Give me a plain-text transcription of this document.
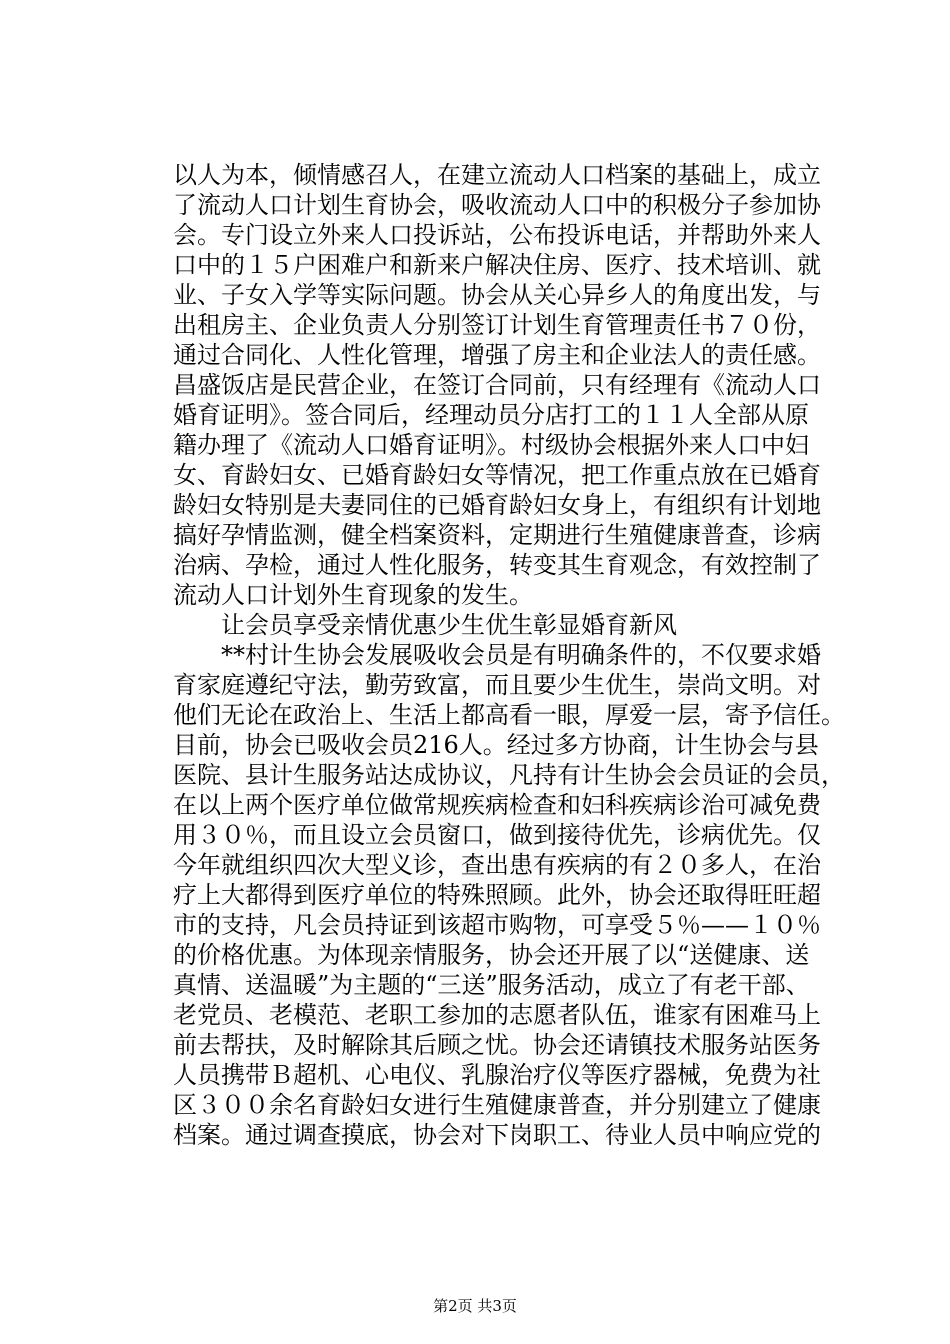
以人为本，倾情感召人，在建立流动人口档案的基础上，成立
了流动人口计划生育协会，吸收流动人口中的积极分子参加协
会。专门设立外来人口投诉站，公布投诉电话，并帮助外来人
口中的１５户困难户和新来户解决住房、医疗、技术培训、就
业、子女入学等实际问题。协会从关心异乡人的角度出发，与
出租房主、企业负责人分别签订计划生育管理责任书７０份，
通过合同化、人性化管理，增强了房主和企业法人的责任感。
昌盛饭店是民营企业，在签订合同前，只有经理有《流动人口
婚育证明》。签合同后，经理动员分店打工的１１人全部从原
籍办理了《流动人口婚育证明》。村级协会根据外来人口中妇
女、育龄妇女、已婚育龄妇女等情况，把工作重点放在已婚育
龄妇女特别是夫妻同住的已婚育龄妇女身上，有组织有计划地
搞好孕情监测，健全档案资料，定期进行生殖健康普查，诊病
治病、孕检，通过人性化服务，转变其生育观念，有效控制了
流动人口计划外生育现象的发生。
让会员享受亲情优惠少生优生彰显婚育新风
**村计生协会发展吸收会员是有明确条件的，不仅要求婚
育家庭遵纪守法，勤劳致富，而且要少生优生，崇尚文明。对
他们无论在政治上、生活上都高看一眼，厚爱一层，寄予信任。
目前，协会已吸收会员216人。经过多方协商，计生协会与县
医院、县计生服务站达成协议，凡持有计生协会会员证的会员，
在以上两个医疗单位做常规疾病检查和妇科疾病诊治可减免费
用３０％，而且设立会员窗口，做到接待优先，诊病优先。仅
今年就组织四次大型义诊，查出患有疾病的有２０多人，在治
疗上大都得到医疗单位的特殊照顾。此外，协会还取得旺旺超
市的支持，凡会员持证到该超市购物，可享受５％——１０％
的价格优惠。为体现亲情服务，协会还开展了以“送健康、送
真情、送温暖”为主题的“三送”服务活动，成立了有老干部、
老党员、老模范、老职工参加的志愿者队伍，谁家有困难马上
前去帮扶，及时解除其后顾之忧。协会还请镇技术服务站医务
人员携带Ｂ超机、心电仪、乳腺治疗仪等医疗器械，免费为社
区３００余名育龄妇女进行生殖健康普查，并分别建立了健康
档案。通过调查摸底，协会对下岗职工、待业人员中响应党的
第2页 共3页
